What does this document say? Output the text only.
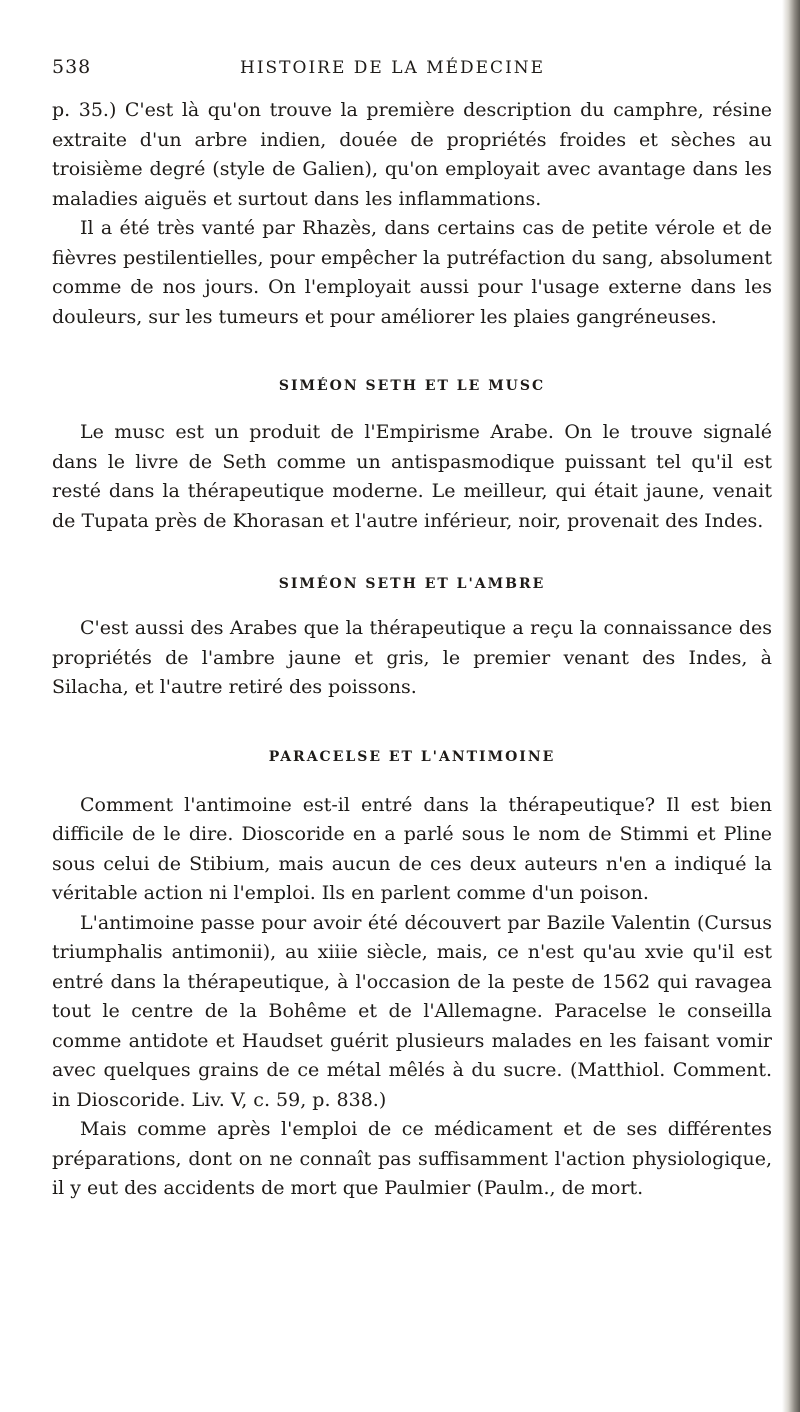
538	HISTOIRE DE LA MÉDECINE

p. 35.) C'est là qu'on trouve la première description du camphre, résine extraite d'un arbre indien, douée de propriétés froides et sèches au troisième degré (style de Galien), qu'on employait avec avantage dans les maladies aiguës et surtout dans les inflammations.

Il a été très vanté par Rhazès, dans certains cas de petite vérole et de fièvres pestilentielles, pour empêcher la putréfaction du sang, absolument comme de nos jours. On l'employait aussi pour l'usage externe dans les douleurs, sur les tumeurs et pour améliorer les plaies gangréneuses.

SIMÉON SETH ET LE MUSC

Le musc est un produit de l'Empirisme Arabe. On le trouve signalé dans le livre de Seth comme un antispasmodique puissant tel qu'il est resté dans la thérapeutique moderne. Le meilleur, qui était jaune, venait de Tupata près de Khorasan et l'autre inférieur, noir, provenait des Indes.

SIMÉON SETH ET L'AMBRE

C'est aussi des Arabes que la thérapeutique a reçu la connaissance des propriétés de l'ambre jaune et gris, le premier venant des Indes, à Silacha, et l'autre retiré des poissons.

PARACELSE ET L'ANTIMOINE

Comment l'antimoine est-il entré dans la thérapeutique? Il est bien difficile de le dire. Dioscoride en a parlé sous le nom de Stimmi et Pline sous celui de Stibium, mais aucun de ces deux auteurs n'en a indiqué la véritable action ni l'emploi. Ils en parlent comme d'un poison.

L'antimoine passe pour avoir été découvert par Bazile Valentin (Cursus triumphalis antimonii), au xiiie siècle, mais, ce n'est qu'au xvie qu'il est entré dans la thérapeutique, à l'occasion de la peste de 1562 qui ravagea tout le centre de la Bohême et de l'Allemagne. Paracelse le conseilla comme antidote et Haudset guérit plusieurs malades en les faisant vomir avec quelques grains de ce métal mêlés à du sucre. (Matthiol. Comment. in Dioscoride. Liv. V, c. 59, p. 838.)

Mais comme après l'emploi de ce médicament et de ses différentes préparations, dont on ne connaît pas suffisamment l'action physiologique, il y eut des accidents de mort que Paulmier (Paulm., de mort.
